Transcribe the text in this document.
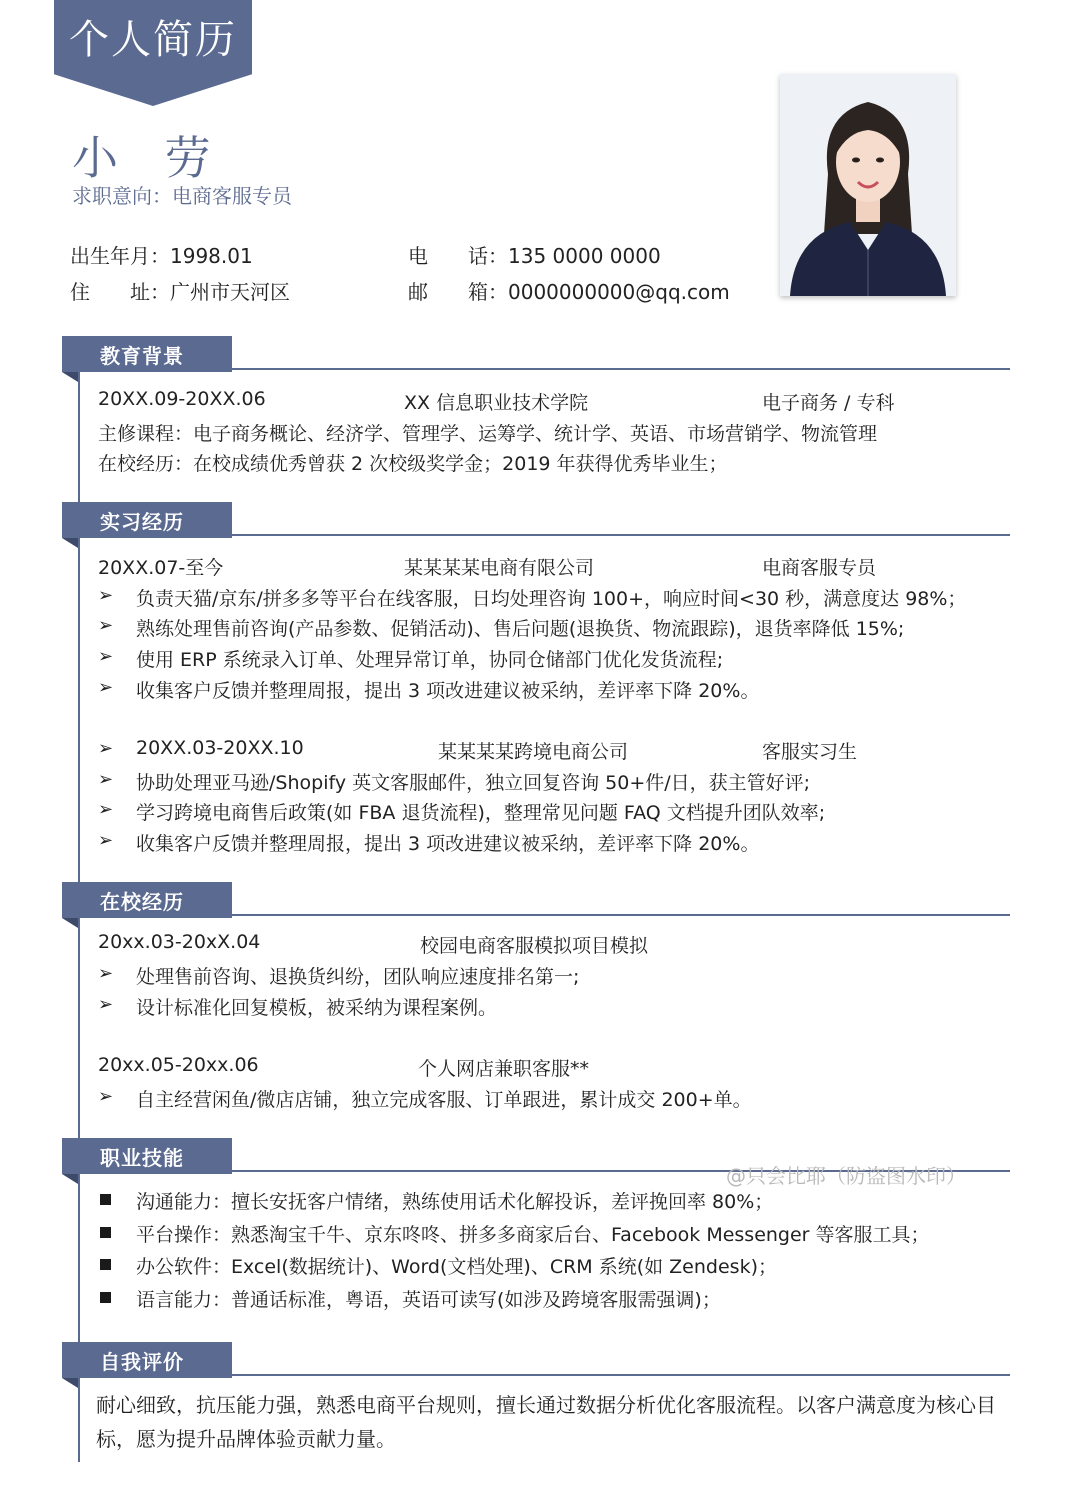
个人简历
小 劳
求职意向：电商客服专员
出生年月：1998.01
住　　址：广州市天河区
电　　话：135 0000 0000
邮　　箱：0000000000@qq.com
教育背景
20XX.09-20XX.06	XX 信息职业技术学院	电子商务 / 专科
主修课程：电子商务概论、经济学、管理学、运筹学、统计学、英语、市场营销学、物流管理
在校经历：在校成绩优秀曾获 2 次校级奖学金；2019 年获得优秀毕业生；
实习经历
20XX.07-至今	某某某某电商有限公司	电商客服专员
➢ 负责天猫/京东/拼多多等平台在线客服，日均处理咨询 100+，响应时间<30 秒，满意度达 98%；
➢ 熟练处理售前咨询(产品参数、促销活动)、售后问题(退换货、物流跟踪)，退货率降低 15%;
➢ 使用 ERP 系统录入订单、处理异常订单，协同仓储部门优化发货流程;
➢ 收集客户反馈并整理周报，提出 3 项改进建议被采纳，差评率下降 20%。
➢ 20XX.03-20XX.10	某某某某跨境电商公司	客服实习生
➢ 协助处理亚马逊/Shopify 英文客服邮件，独立回复咨询 50+件/日，获主管好评;
➢ 学习跨境电商售后政策(如 FBA 退货流程)，整理常见问题 FAQ 文档提升团队效率;
➢ 收集客户反馈并整理周报，提出 3 项改进建议被采纳，差评率下降 20%。
在校经历
20xx.03-20xX.04	校园电商客服模拟项目模拟
➢ 处理售前咨询、退换货纠纷，团队响应速度排名第一;
➢ 设计标准化回复模板，被采纳为课程案例。
20xx.05-20xx.06	个人网店兼职客服**
➢ 自主经营闲鱼/微店店铺，独立完成客服、订单跟进，累计成交 200+单。
职业技能
@只会比耶（防盗图水印）
沟通能力：擅长安抚客户情绪，熟练使用话术化解投诉，差评挽回率 80%；
平台操作：熟悉淘宝千牛、京东咚咚、拼多多商家后台、Facebook Messenger 等客服工具；
办公软件：Excel(数据统计)、Word(文档处理)、CRM 系统(如 Zendesk)；
语言能力：普通话标准，粤语，英语可读写(如涉及跨境客服需强调)；
自我评价
耐心细致，抗压能力强，熟悉电商平台规则，擅长通过数据分析优化客服流程。以客户满意度为核心目标，愿为提升品牌体验贡献力量。
